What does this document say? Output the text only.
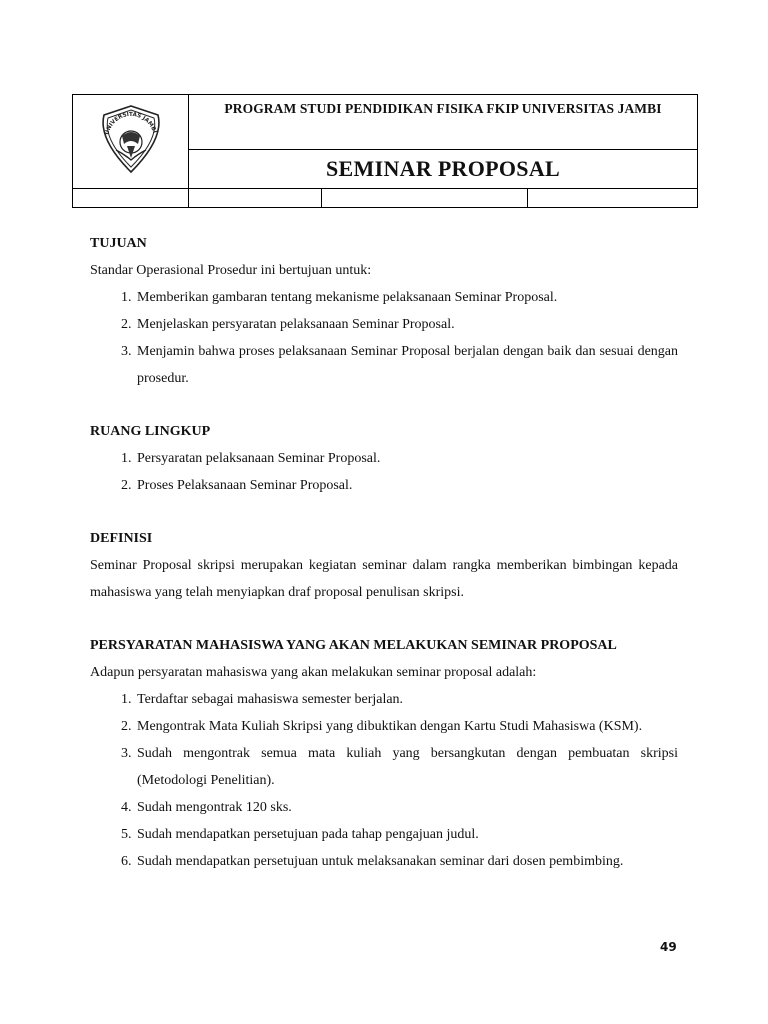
UNIVERSITAS JAMBI	PROGRAM STUDI PENDIDIKAN FISIKA FKIP UNIVERSITAS JAMBI		
	SEMINAR PROPOSAL		

TUJUAN

Standar Operasional Prosedur ini bertujuan untuk:

1. Memberikan gambaran tentang mekanisme pelaksanaan Seminar Proposal.
2. Menjelaskan persyaratan pelaksanaan Seminar Proposal.
3. Menjamin bahwa proses pelaksanaan Seminar Proposal berjalan dengan baik dan sesuai dengan prosedur.
RUANG LINGKUP
1. Persyaratan pelaksanaan Seminar Proposal.
2. Proses Pelaksanaan Seminar Proposal.
DEFINISI

Seminar Proposal skripsi merupakan kegiatan seminar dalam rangka memberikan bimbingan kepada mahasiswa yang telah menyiapkan draf proposal penulisan skripsi.

PERSYARATAN MAHASISWA YANG AKAN MELAKUKAN SEMINAR PROPOSAL

Adapun persyaratan mahasiswa yang akan melakukan seminar proposal adalah:

1. Terdaftar sebagai mahasiswa semester berjalan.
2. Mengontrak Mata Kuliah Skripsi yang dibuktikan dengan Kartu Studi Mahasiswa (KSM).
3. Sudah mengontrak semua mata kuliah yang bersangkutan dengan pembuatan skripsi (Metodologi Penelitian).
4. Sudah mengontrak 120 sks.
5. Sudah mendapatkan persetujuan pada tahap pengajuan judul.
6. Sudah mendapatkan persetujuan untuk melaksanakan seminar dari dosen pembimbing.
49
